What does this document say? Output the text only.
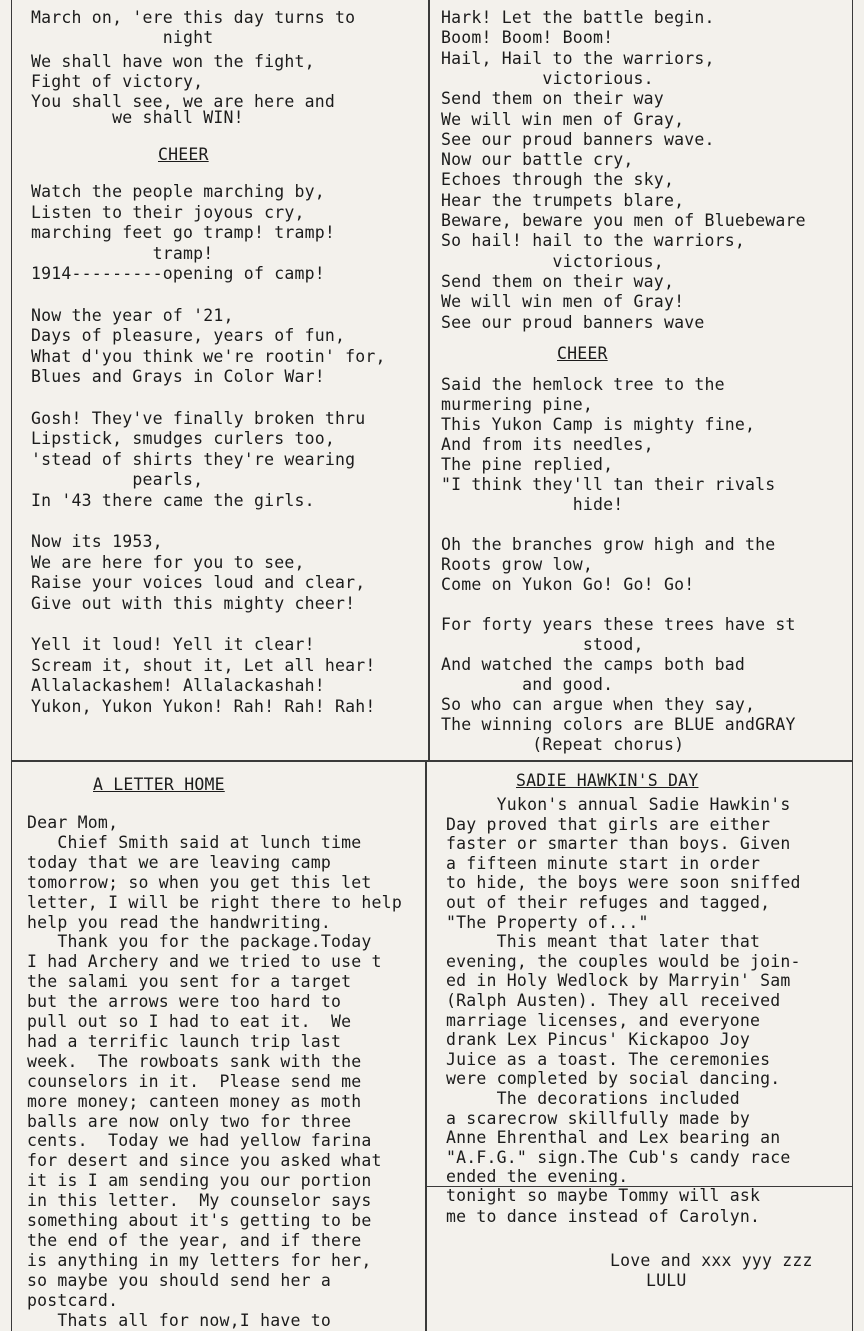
March on, 'ere this day turns to
night
We shall have won the fight,
Fight of victory,
You shall see, we are here and
we shall WIN!
CHEER
Watch the people marching by,
Listen to their joyous cry,
marching feet go tramp! tramp!
tramp!
1914---------opening of camp!
Now the year of '21,
Days of pleasure, years of fun,
What d'you think we're rootin' for,
Blues and Grays in Color War!
Gosh! They've finally broken thru
Lipstick, smudges curlers too,
'stead of shirts they're wearing
pearls,
In '43 there came the girls.
Now its 1953,
We are here for you to see,
Raise your voices loud and clear,
Give out with this mighty cheer!
Yell it loud! Yell it clear!
Scream it, shout it, Let all hear!
Allalackashem! Allalackashah!
Yukon, Yukon Yukon! Rah! Rah! Rah!
Hark! Let the battle begin.
Boom! Boom! Boom!
Hail, Hail to the warriors,
victorious.
Send them on their way
We will win men of Gray,
See our proud banners wave.
Now our battle cry,
Echoes through the sky,
Hear the trumpets blare,
Beware, beware you men of Bluebeware
So hail! hail to the warriors,
victorious,
Send them on their way,
We will win men of Gray!
See our proud banners wave
CHEER
Said the hemlock tree to the
murmering pine,
This Yukon Camp is mighty fine,
And from its needles,
The pine replied,
"I think they'll tan their rivals
hide!
Oh the branches grow high and the
Roots grow low,
Come on Yukon Go! Go! Go!
For forty years these trees have st
stood,
And watched the camps both bad
and good.
So who can argue when they say,
The winning colors are BLUE andGRAY
(Repeat chorus)
A LETTER HOME
Dear Mom,
Chief Smith said at lunch time
today that we are leaving camp
tomorrow; so when you get this let
letter, I will be right there to help
help you read the handwriting.
Thank you for the package.Today
I had Archery and we tried to use t
the salami you sent for a target
but the arrows were too hard to
pull out so I had to eat it.  We
had a terrific launch trip last
week.  The rowboats sank with the
counselors in it.  Please send me
more money; canteen money as moth
balls are now only two for three
cents.  Today we had yellow farina
for desert and since you asked what
it is I am sending you our portion
in this letter.  My counselor says
something about it's getting to be
the end of the year, and if there
is anything in my letters for her,
so maybe you should send her a
postcard.
Thats all for now,I have to
SADIE HAWKIN'S DAY
Yukon's annual Sadie Hawkin's
Day proved that girls are either
faster or smarter than boys. Given
a fifteen minute start in order
to hide, the boys were soon sniffed
out of their refuges and tagged,
"The Property of..."
This meant that later that
evening, the couples would be join-
ed in Holy Wedlock by Marryin' Sam
(Ralph Austen). They all received
marriage licenses, and everyone
drank Lex Pincus' Kickapoo Joy
Juice as a toast. The ceremonies
were completed by social dancing.
The decorations included
a scarecrow skillfully made by
Anne Ehrenthal and Lex bearing an
"A.F.G." sign.The Cub's candy race
ended the evening.
tonight so maybe Tommy will ask
me to dance instead of Carolyn.
Love and xxx yyy zzz
LULU
